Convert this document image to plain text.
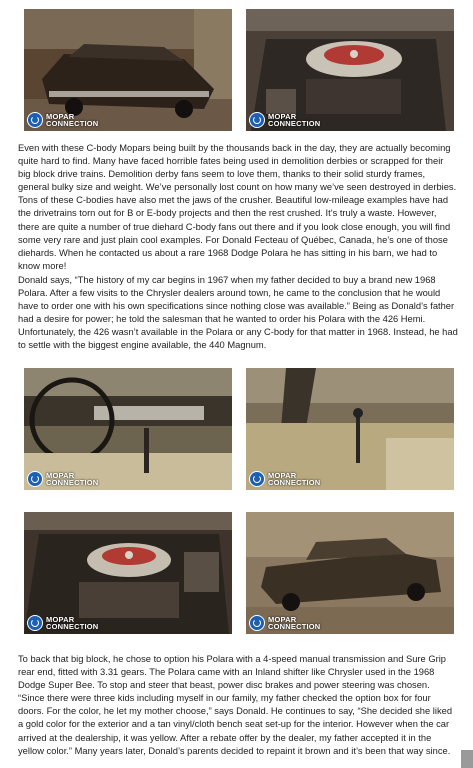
MOPAR
CONNECTION
MOPAR
CONNECTION

Even with these C-body Mopars being built by the thousands back in the day, they are actually becoming quite hard to find. Many have faced horrible fates being used in demolition derbies or scrapped for their big block drive trains. Demolition derby fans seem to love them, thanks to their solid sturdy frames, general bulky size and weight. We’ve personally lost count on how many we’ve seen destroyed in derbies. Tons of these C-bodies have also met the jaws of the crusher. Beautiful low-mileage examples have had the drivetrains torn out for B or E-body projects and then the rest crushed. It’s truly a waste. However, there are quite a number of true diehard C-body fans out there and if you look close enough, you will find some very rare and just plain cool examples. For Donald Fecteau of Québec, Canada, he’s one of those diehards. When he contacted us about a rare 1968 Dodge Polara he has sitting in his barn, we had to know more!

Donald says, “The history of my car begins in 1967 when my father decided to buy a brand new 1968 Polara. After a few visits to the Chrysler dealers around town, he came to the conclusion that he would have to order one with his own specifications since nothing close was available.” Being as Donald’s father had a desire for power; he told the salesman that he wanted to order his Polara with the 426 Hemi. Unfortunately, the 426 wasn’t available in the Polara or any C-body for that matter in 1968. Instead, he had to settle with the biggest engine available, the 440 Magnum.

MOPAR
CONNECTION
MOPAR
CONNECTION
MOPAR
CONNECTION
MOPAR
CONNECTION

To back that big block, he chose to option his Polara with a 4-speed manual transmission and Sure Grip rear end, fitted with 3.31 gears. The Polara came with an Inland shifter like Chrysler used in the 1968 Dodge Super Bee. To stop and steer that beast, power disc brakes and power steering was chosen. “Since there were three kids including myself in our family, my father checked the option box for four doors. For the color, he let my mother choose,” says Donald. He continues to say, “She decided she liked a gold color for the exterior and a tan vinyl/cloth bench seat set-up for the interior. However when the car arrived at the dealership, it was yellow. After a rebate offer by the dealer, my father accepted it in the yellow color.” Many years later, Donald’s parents decided to repaint it brown and it’s been that way since.
